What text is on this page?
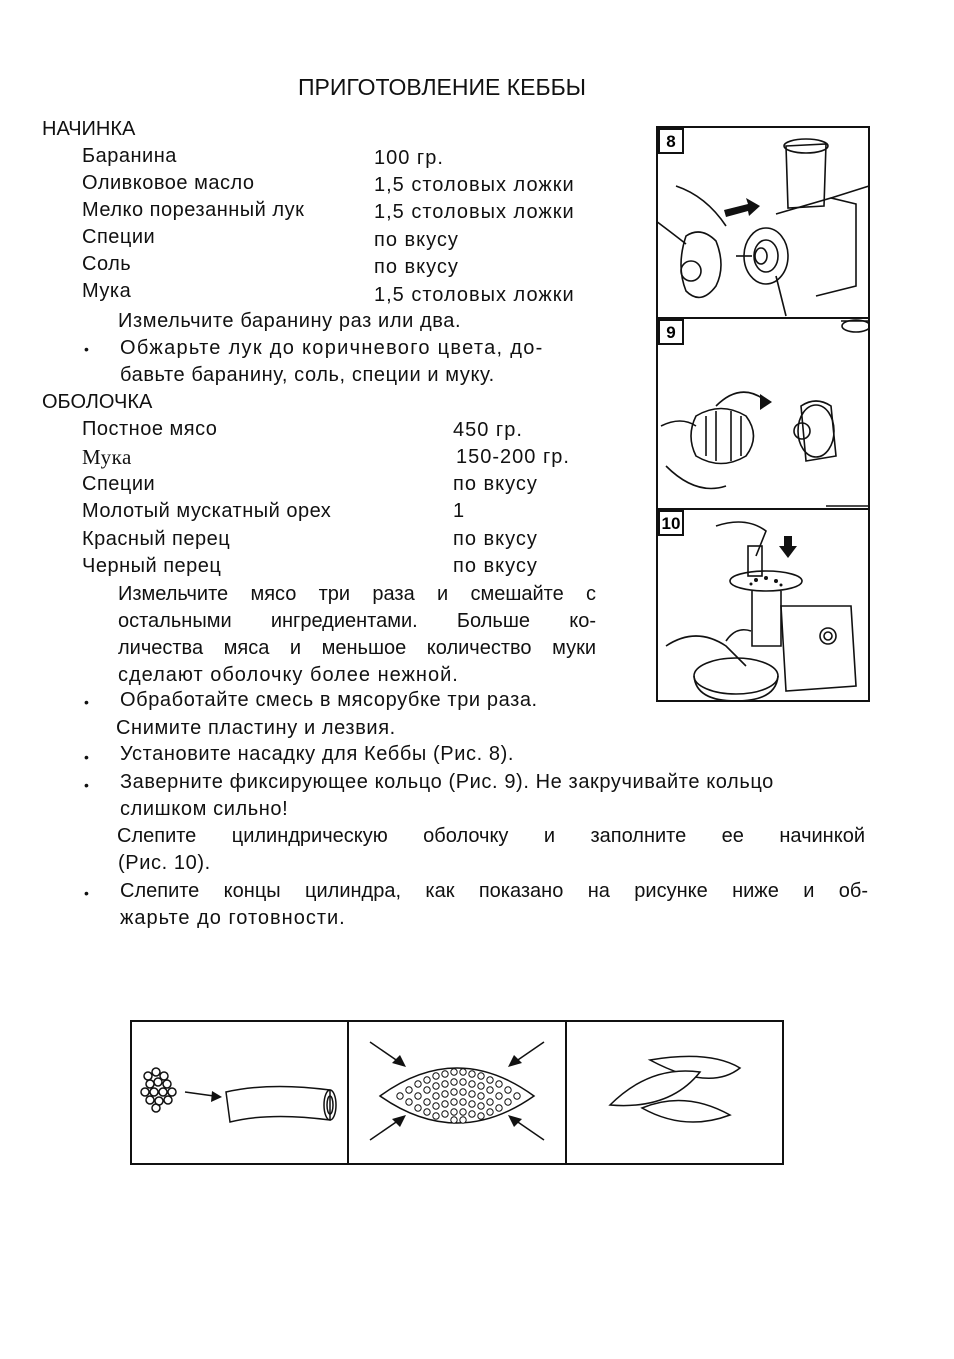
ПРИГОТОВЛЕНИЕ КЕББЫ
НАЧИНКА
Баранина	100 гр.
Оливковое масло	1,5 столовых ложки
Мелко порезанный лук	1,5 столовых ложки
Специи	по вкусу
Соль	по вкусу
Мука	1,5 столовых ложки
Измельчите баранину раз или два.
• Обжарьте лук до коричневого цвета, до-
бавьте баранину, соль, специи и муку.
ОБОЛОЧКА
Постное мясо	450 гр.
Мука	150-200 гр.
Специи	по вкусу
Молотый мускатный орех	1
Красный перец	по вкусу
Черный перец	по вкусу
Измельчите мясо три раза и смешайте с
остальными ингредиентами. Больше ко-
личества мяса и меньшое количество муки
сделают оболочку более нежной.
• Обработайте смесь в мясорубке три раза.
Снимите пластину и лезвия.
• Установите насадку для Кеббы (Рис. 8).
• Заверните фиксирующее кольцо (Рис. 9). Не закручивайте кольцо
слишком сильно!
Слепите цилиндрическую оболочку и заполните ее начинкой
(Рис. 10).
• Слепите концы цилиндра, как показано на рисунке ниже и об-
жарьте до готовности.
8
9
10
